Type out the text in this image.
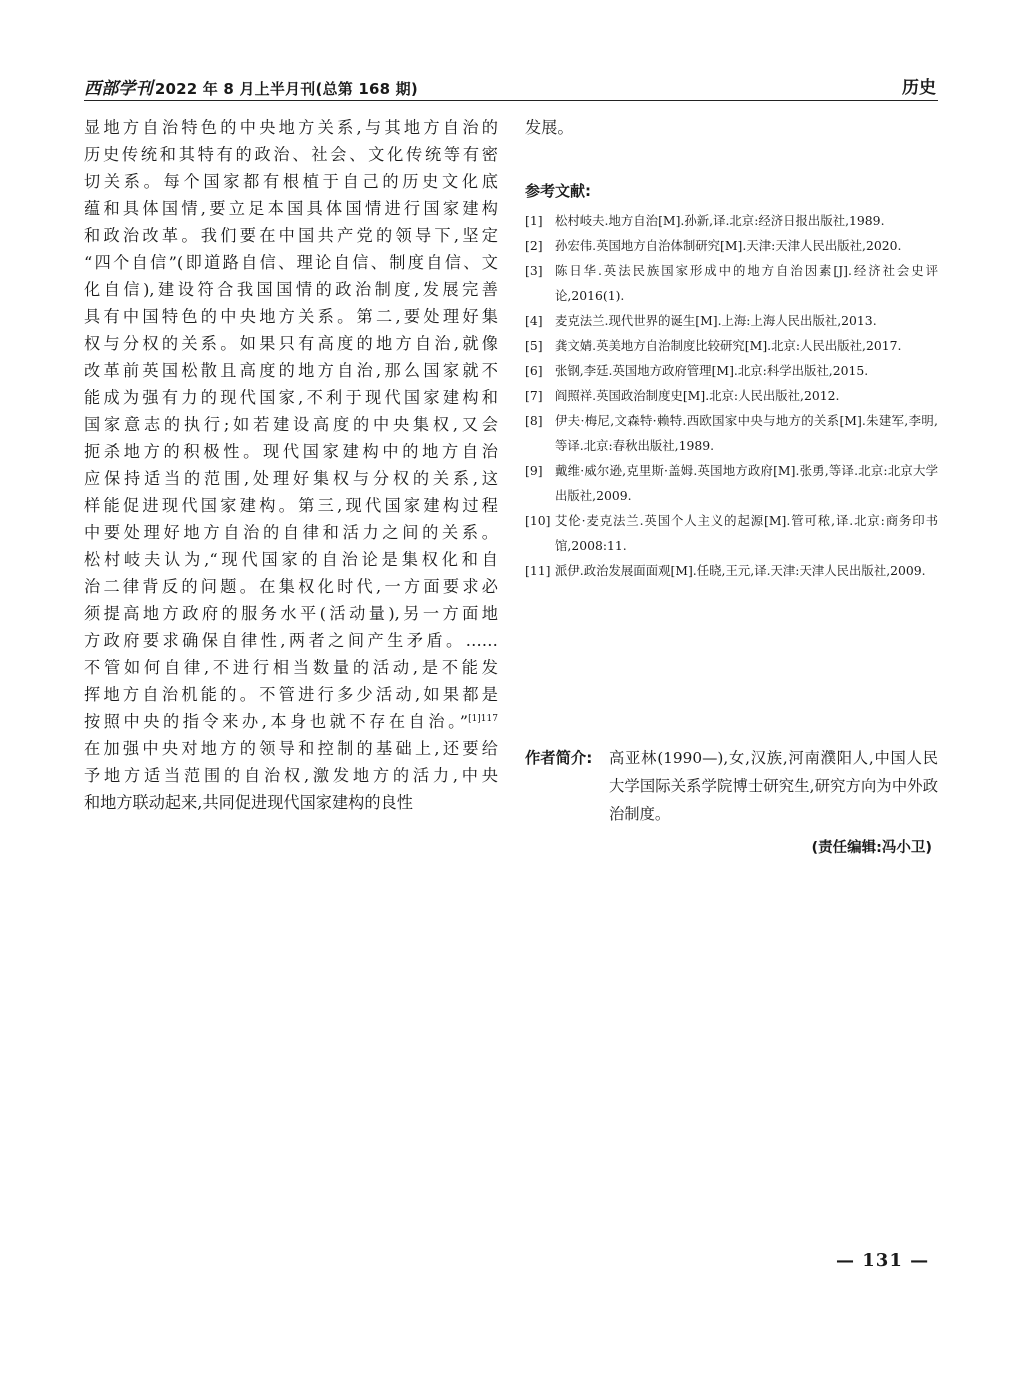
西部学刊 2022 年 8 月上半月刊(总第 168 期)	历史
显地方自治特色的中央地方关系,与其地方自治的
历史传统和其特有的政治、社会、文化传统等有密
切关系。每个国家都有根植于自己的历史文化底
蕴和具体国情,要立足本国具体国情进行国家建构
和政治改革。我们要在中国共产党的领导下,坚定
“四个自信”(即道路自信、理论自信、制度自信、文
化自信),建设符合我国国情的政治制度,发展完善
具有中国特色的中央地方关系。第二,要处理好集
权与分权的关系。如果只有高度的地方自治,就像
改革前英国松散且高度的地方自治,那么国家就不
能成为强有力的现代国家,不利于现代国家建构和
国家意志的执行;如若建设高度的中央集权,又会
扼杀地方的积极性。现代国家建构中的地方自治
应保持适当的范围,处理好集权与分权的关系,这
样能促进现代国家建构。第三,现代国家建构过程
中要处理好地方自治的自律和活力之间的关系。
松村岐夫认为,“现代国家的自治论是集权化和自
治二律背反的问题。在集权化时代,一方面要求必
须提高地方政府的服务水平(活动量),另一方面地
方政府要求确保自律性,两者之间产生矛盾。……
不管如何自律,不进行相当数量的活动,是不能发
挥地方自治机能的。不管进行多少活动,如果都是
按照中央的指令来办,本身也就不存在自治。”$^{[1]117}$
在加强中央对地方的领导和控制的基础上,还要给
予地方适当范围的自治权,激发地方的活力,中央
和地方联动起来,共同促进现代国家建构的良性
发展。
参考文献:
[1] 松村岐夫.地方自治[M].孙新,译.北京:经济日报出版社,1989.
[2] 孙宏伟.英国地方自治体制研究[M].天津:天津人民出版社,2020.
[3] 陈日华.英法民族国家形成中的地方自治因素[J].经济社会史评论,2016(1).
[4] 麦克法兰.现代世界的诞生[M].上海:上海人民出版社,2013.
[5] 龚文婧.英美地方自治制度比较研究[M].北京:人民出版社,2017.
[6] 张钢,李廷.英国地方政府管理[M].北京:科学出版社,2015.
[7] 阎照祥.英国政治制度史[M].北京:人民出版社,2012.
[8] 伊夫·梅尼,文森特·赖特.西欧国家中央与地方的关系[M].朱建军,李明,等译.北京:春秋出版社,1989.
[9] 戴维·威尔逊,克里斯·盖姆.英国地方政府[M].张勇,等译.北京:北京大学出版社,2009.
[10] 艾伦·麦克法兰.英国个人主义的起源[M].管可秾,译.北京:商务印书馆,2008:11.
[11] 派伊.政治发展面面观[M].任晓,王元,译.天津:天津人民出版社,2009.
作者简介: 高亚林(1990—),女,汉族,河南濮阳人,中国人民大学国际关系学院博士研究生,研究方向为中外政治制度。
(责任编辑:冯小卫)
— 131 —
